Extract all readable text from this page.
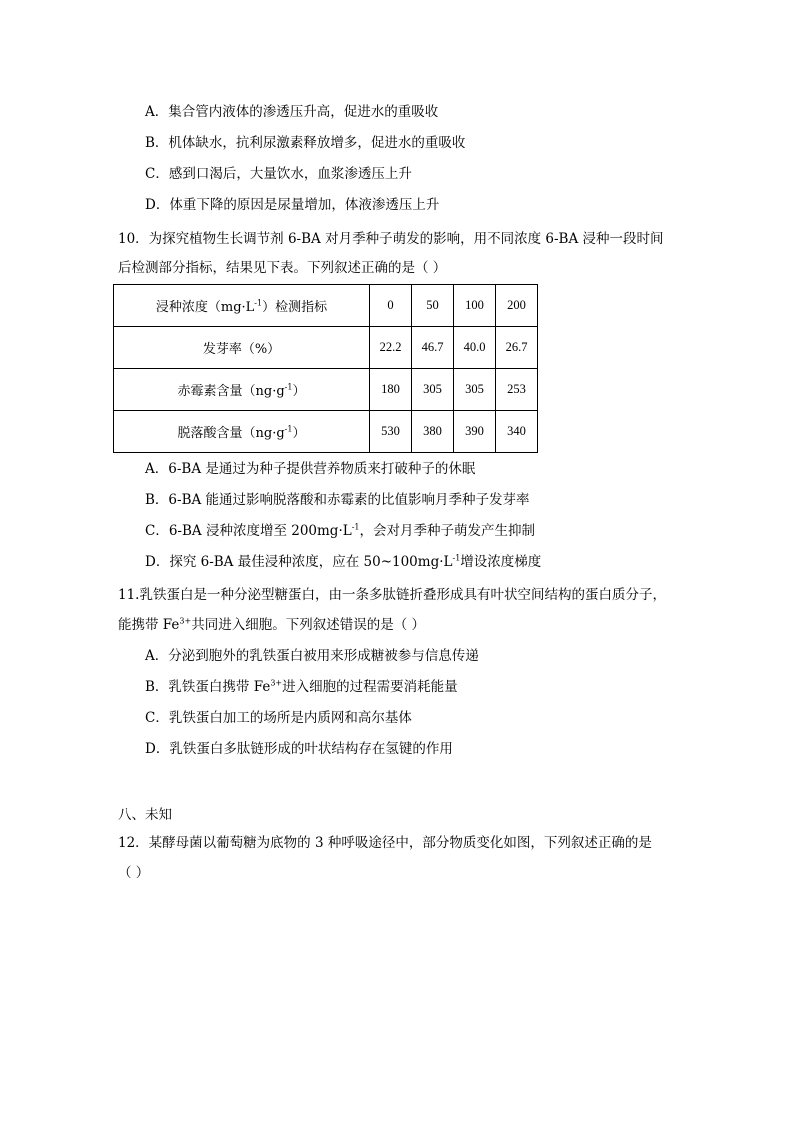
A．集合管内液体的渗透压升高，促进水的重吸收
B．机体缺水，抗利尿激素释放增多，促进水的重吸收
C．感到口渴后，大量饮水，血浆渗透压上升
D．体重下降的原因是尿量增加，体液渗透压上升
10．为探究植物生长调节剂 6-BA 对月季种子萌发的影响，用不同浓度 6-BA 浸种一段时间
后检测部分指标，结果见下表。下列叙述正确的是（ ）
浸种浓度$(mg\cdot L^{-1})$检测指标	0	50	100	200
发芽率（%）	22.2	46.7	40.0	26.7
赤霉素含量$(ng\cdot g^{-1})$	180	305	305	253
脱落酸含量$(ng\cdot g^{-1})$	530	380	390	340
A．6-BA 是通过为种子提供营养物质来打破种子的休眠
B．6-BA 能通过影响脱落酸和赤霉素的比值影响月季种子发芽率
C．6-BA 浸种浓度增至 $200mg\cdot L^{-1}$，会对月季种子萌发产生抑制
D．探究 6-BA 最佳浸种浓度，应在 $50\sim 100mg\cdot L^{-1}$增设浓度梯度
11.乳铁蛋白是一种分泌型糖蛋白，由一条多肽链折叠形成具有叶状空间结构的蛋白质分子，
能携带 $Fe^{3+}$共同进入细胞。下列叙述错误的是（ ）
A．分泌到胞外的乳铁蛋白被用来形成糖被参与信息传递
B．乳铁蛋白携带 $Fe^{3+}$进入细胞的过程需要消耗能量
C．乳铁蛋白加工的场所是内质网和高尔基体
D．乳铁蛋白多肽链形成的叶状结构存在氢键的作用
八、未知
12．某酵母菌以葡萄糖为底物的 3 种呼吸途径中，部分物质变化如图，下列叙述正确的是
（ ）
